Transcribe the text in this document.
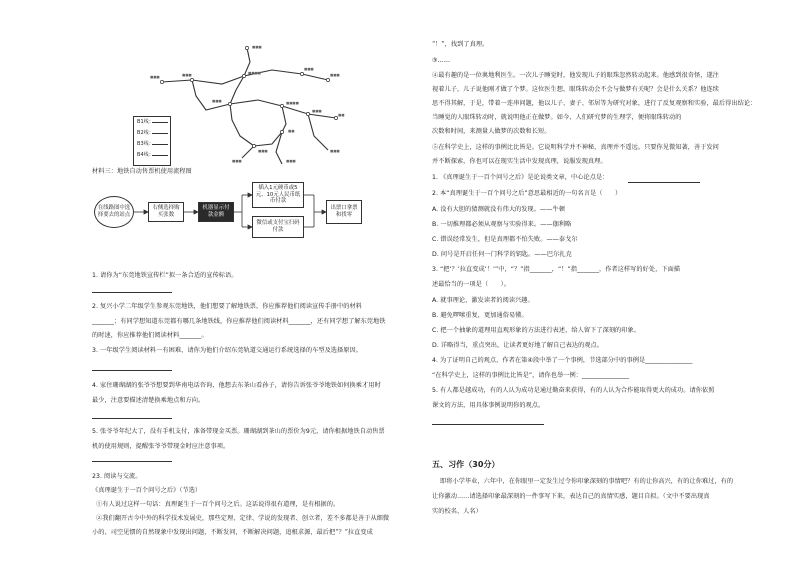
■■■
■■■■
■■■
■■■
■■■■
■■■
■■■
■■■
■■
■■■	■■■
■■
■■■
■■■
■■■
B1线：
B2线：
B3线：
B4线：
材料三：地铁自动售票机使用流程图
在线路图中选择要去的站点
右侧选择购买张数
机器显示付款金额
插入1元硬币或5元、10元人民币纸币付款
微信或支付宝扫码付款
出票口拿票和找零
1. 请你为“东莞地铁宣传栏”拟一条合适的宣传标语。
2. 复兴小学二年级学生参观东莞地铁，他们想要了解地铁票，你应推荐他们阅读宣传手册中的材料
_______；有同学想知道东莞都有哪几条地铁线，你应推荐他们阅读材料_______，还有同学想了解东莞地铁
的时速，你应推荐他们阅读材料_______。
3. 一年级学生阅读材料一有困难，请你为他们介绍东莞轨道交通运行系统选择的车型及选择原因。
4. 家住珊瑚湖的张爷爷想要到华南电话咨询，他想去东茶山看孙子，请你告诉张爷爷地铁如何换乘才用时
最少，注意要描述清楚换乘地点和方向。
5. 张爷爷年纪大了，没有手机支付，准备带现金买票。珊瑚湖到茶山的票价为9元，请你根据地铁自动售票
机的使用规则，提醒张爷爷带现金时应注意事项。
23. 阅读与交流。
《真理诞生于一百个问号之后》（节选）
①有人说过这样一句话：真理诞生于一百个问号之后。这话说得很有道理，是有根据的。
②我们翻开古今中外的科学技术发展史，那些定理、定律、学说的发现者、创立者，差不多都是善于从细微
小的、司空见惯的自然现象中发现出问题，不断发问，不断解决问题，追根求源，最后把“？”拉直变成
“！”，找到了真理。
③……
④最有趣的是一位奥地利医生。一次儿子睡觉时，他发现儿子的眼珠忽然转动起来。他感到很奇怪，遂注
视着儿子，儿子说他刚才做了个梦。这位医生想，眼珠转动会不会与做梦有关呢？会是什么关系？他连续
思不得其解，于是，带着一连串问题，他以儿子、妻子、邻居等为研究对象，进行了反复观察和实验，最后得出结论：
当睡觉的人眼珠转动时，就说明他正在做梦。如今，人们研究梦的生理学，便将眼珠转动的
次数和时间，来测量人做梦的次数和长短。
⑤在科学史上，这样的事例比比皆是。它说明科学并不神秘，真理并不遥远。只要你见微知著，善于发问
并不断探索，你也可以在现实生活中发现真理，说服发现真理。
1. 《真理诞生于一百个问号之后》是论说类文章，中心论点是：
2. 本“真理诞生于一百个问号之后”意思最相近的一句名言是（　　）
A. 没有大胆的猜测就没有伟大的发现。——牛顿
B. 一切推理都必须从观察与实验得来。——伽利略
C. 错误经常发生，但是真理都不怕失败。——泰戈尔
D. 问号是开启任何一门科学的钥匙。——巴尔扎克
3. “把‘？’拉直变成‘！’”中，“？”指_______，“！”指_______，作者这样写的好处，下面描
述最恰当的一项是（　　）。
A. 就事理论，激发读者的阅读兴趣。
B. 避免啰嗦重复，更加通俗易懂。
C. 把一个抽象的道理用直观形象的方法进行表述，给人留下了深刻的印象。
D. 详略得当，重点突出，让读者更好地了解自己表达的观点。
4. 为了证明自己的观点，作者在第④段中举了一个事例，节选部分中的事例是_______________
“在科学史上，这样的事例比比皆是”，请你也举一例：_______________
5. 有人都是越成功，有的人认为成功是通过勤奋来获得，有的人认为合作能取得更大的成功。请你依照
课文的方法，用具体事例说明你的观点。
五、习作（30分）
即将小学毕业，六年中，在你眼里一定发生过令你印象深刻的事情吧？有的让你高兴，有的让你难过，有的
让你激动……请选择印象最深刻的一件事写下来，表达自己的真情实感，题目自拟。（文中不要出现真
实的校名、人名）
